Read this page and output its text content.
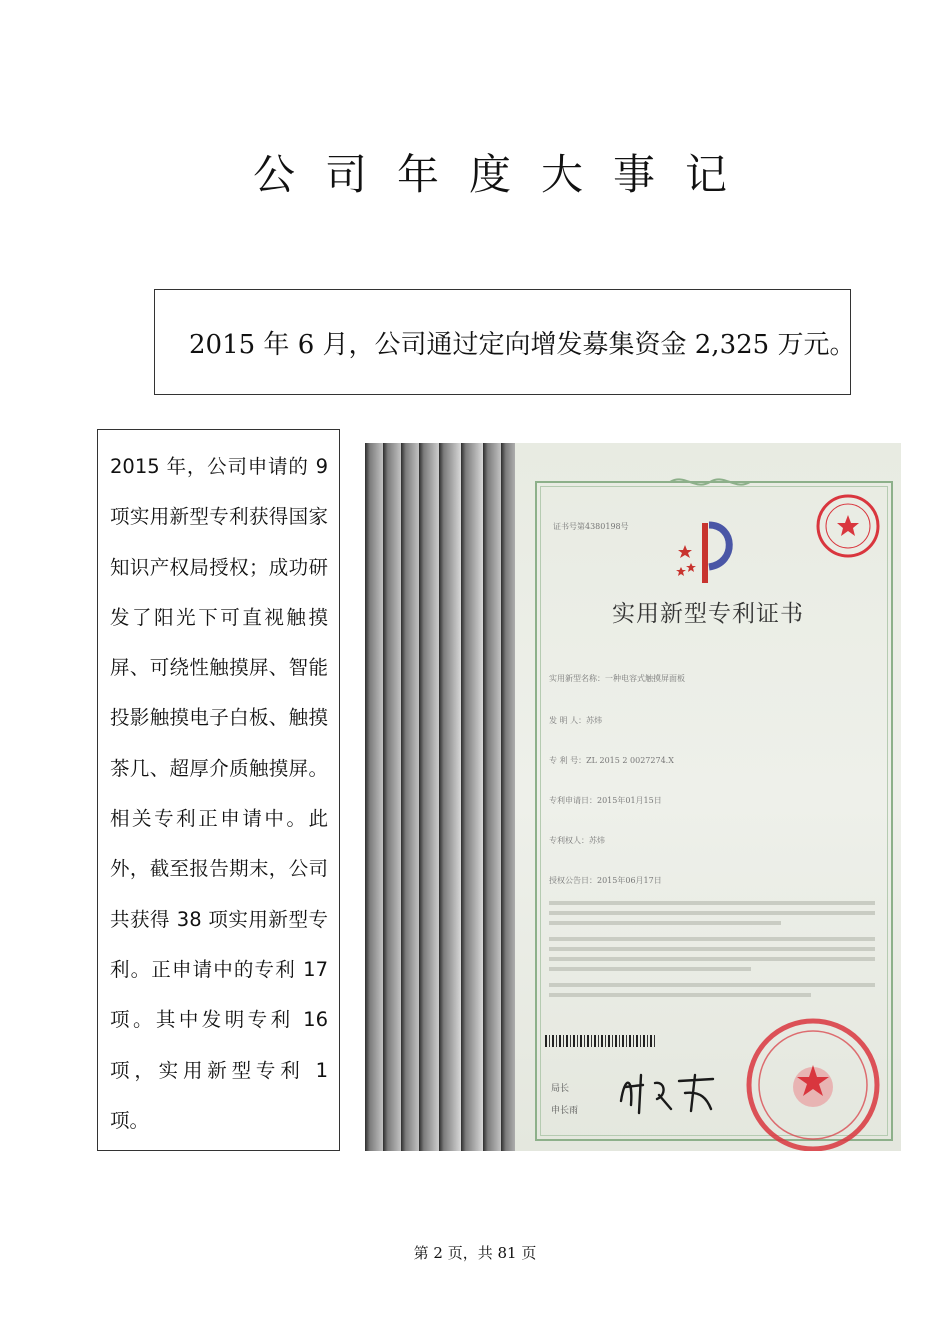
公司年度大事记
2015 年 6 月，公司通过定向增发募集资金 2,325 万元。

2015 年，公司申请的 9 项实用新型专利获得国家知识产权局授权；成功研发了阳光下可直视触摸屏、可绕性触摸屏、智能投影触摸电子白板、触摸茶几、超厚介质触摸屏。相关专利正申请中。此外，截至报告期末，公司共获得 38 项实用新型专利。正申请中的专利 17 项。其中发明专利 16 项，实用新型专利 1 项。

证书号第4380198号
实用新型专利证书
实用新型名称：一种电容式触摸屏面板
发 明 人：苏炜
专 利 号：ZL 2015 2 0027274.X
专利申请日：2015年01月15日
专利权人：苏炜
授权公告日：2015年06月17日
局长
申长雨
第 2 页，共 81 页
